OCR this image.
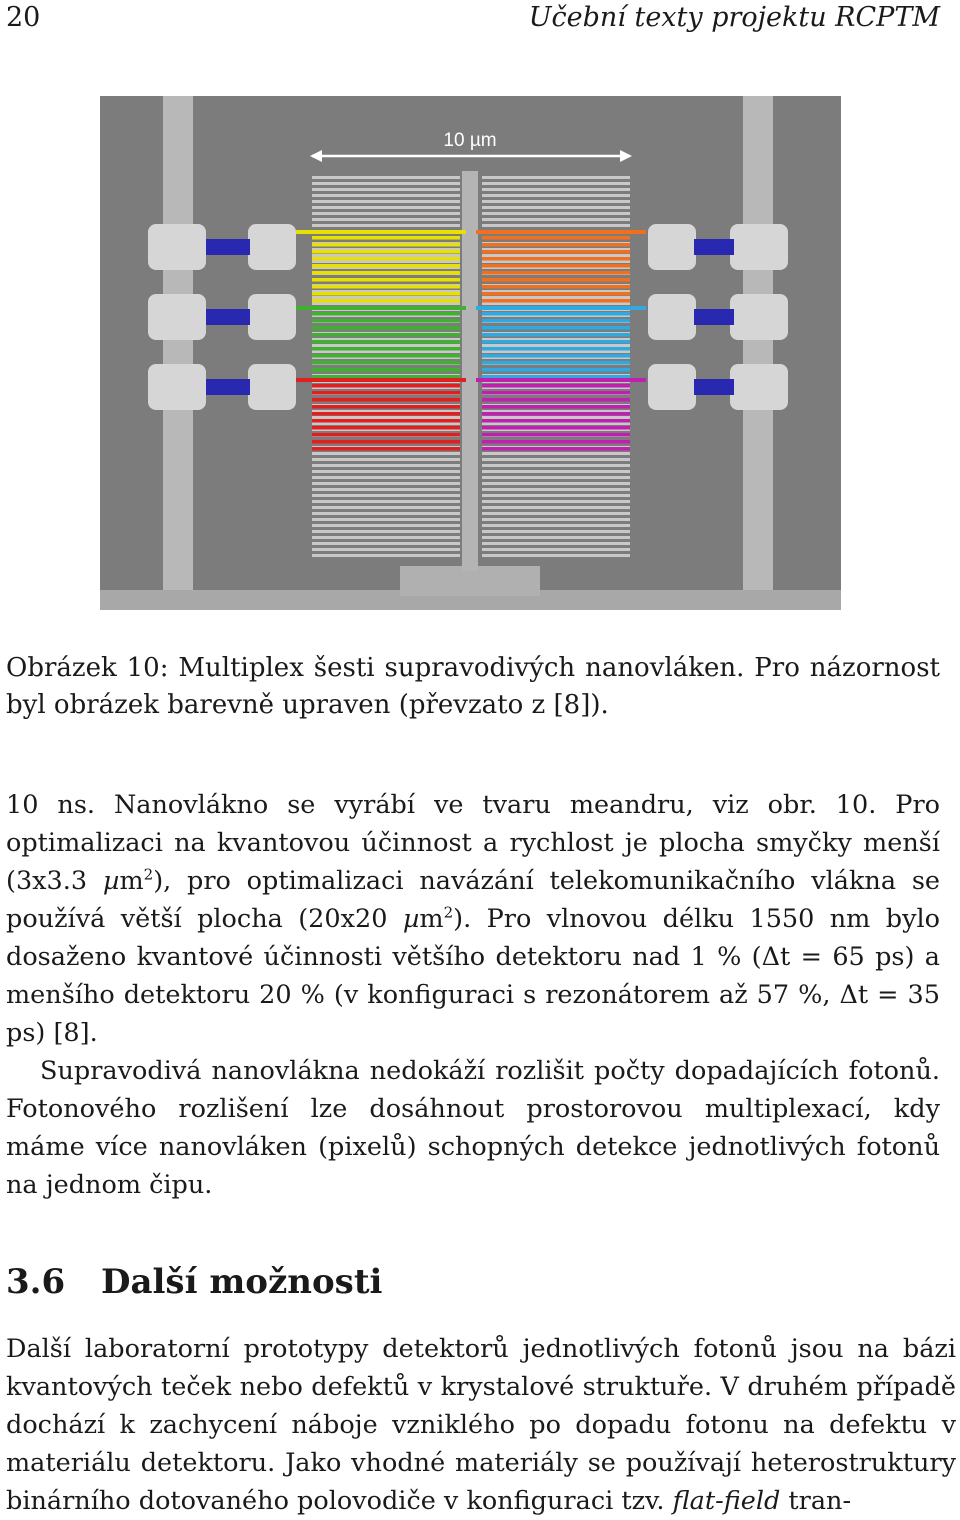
20	Učební texty projektu RCPTM
10 µm

Obrázek 10: Multiplex šesti supravodivých nanovláken. Pro názornost byl obrázek barevně upraven (převzato z [8]).

10 ns. Nanovlákno se vyrábí ve tvaru meandru, viz obr. 10. Pro optimalizaci na kvantovou účinnost a rychlost je plocha smyčky menší (3x3.3 µm$^2$), pro optimalizaci navázání telekomunikačního vlákna se používá větší plocha (20x20 µm$^2$). Pro vlnovou délku 1550 nm bylo dosaženo kvantové účinnosti většího detektoru nad 1 % (Δt = 65 ps) a menšího detektoru 20 % (v konfiguraci s rezonátorem až 57 %, Δt = 35 ps) [8].

Supravodivá nanovlákna nedokáží rozlišit počty dopadajících fotonů. Fotonového rozlišení lze dosáhnout prostorovou multiplexací, kdy máme více nanovláken (pixelů) schopných detekce jednotlivých fotonů na jednom čipu.

3.6 Další možnosti

Další laboratorní prototypy detektorů jednotlivých fotonů jsou na bázi kvantových teček nebo defektů v krystalové struktuře. V druhém případě dochází k zachycení náboje vzniklého po dopadu fotonu na defektu v materiálu detektoru. Jako vhodné materiály se používají heterostruktury binárního dotovaného polovodiče v konfiguraci tzv. flat-field tran-
